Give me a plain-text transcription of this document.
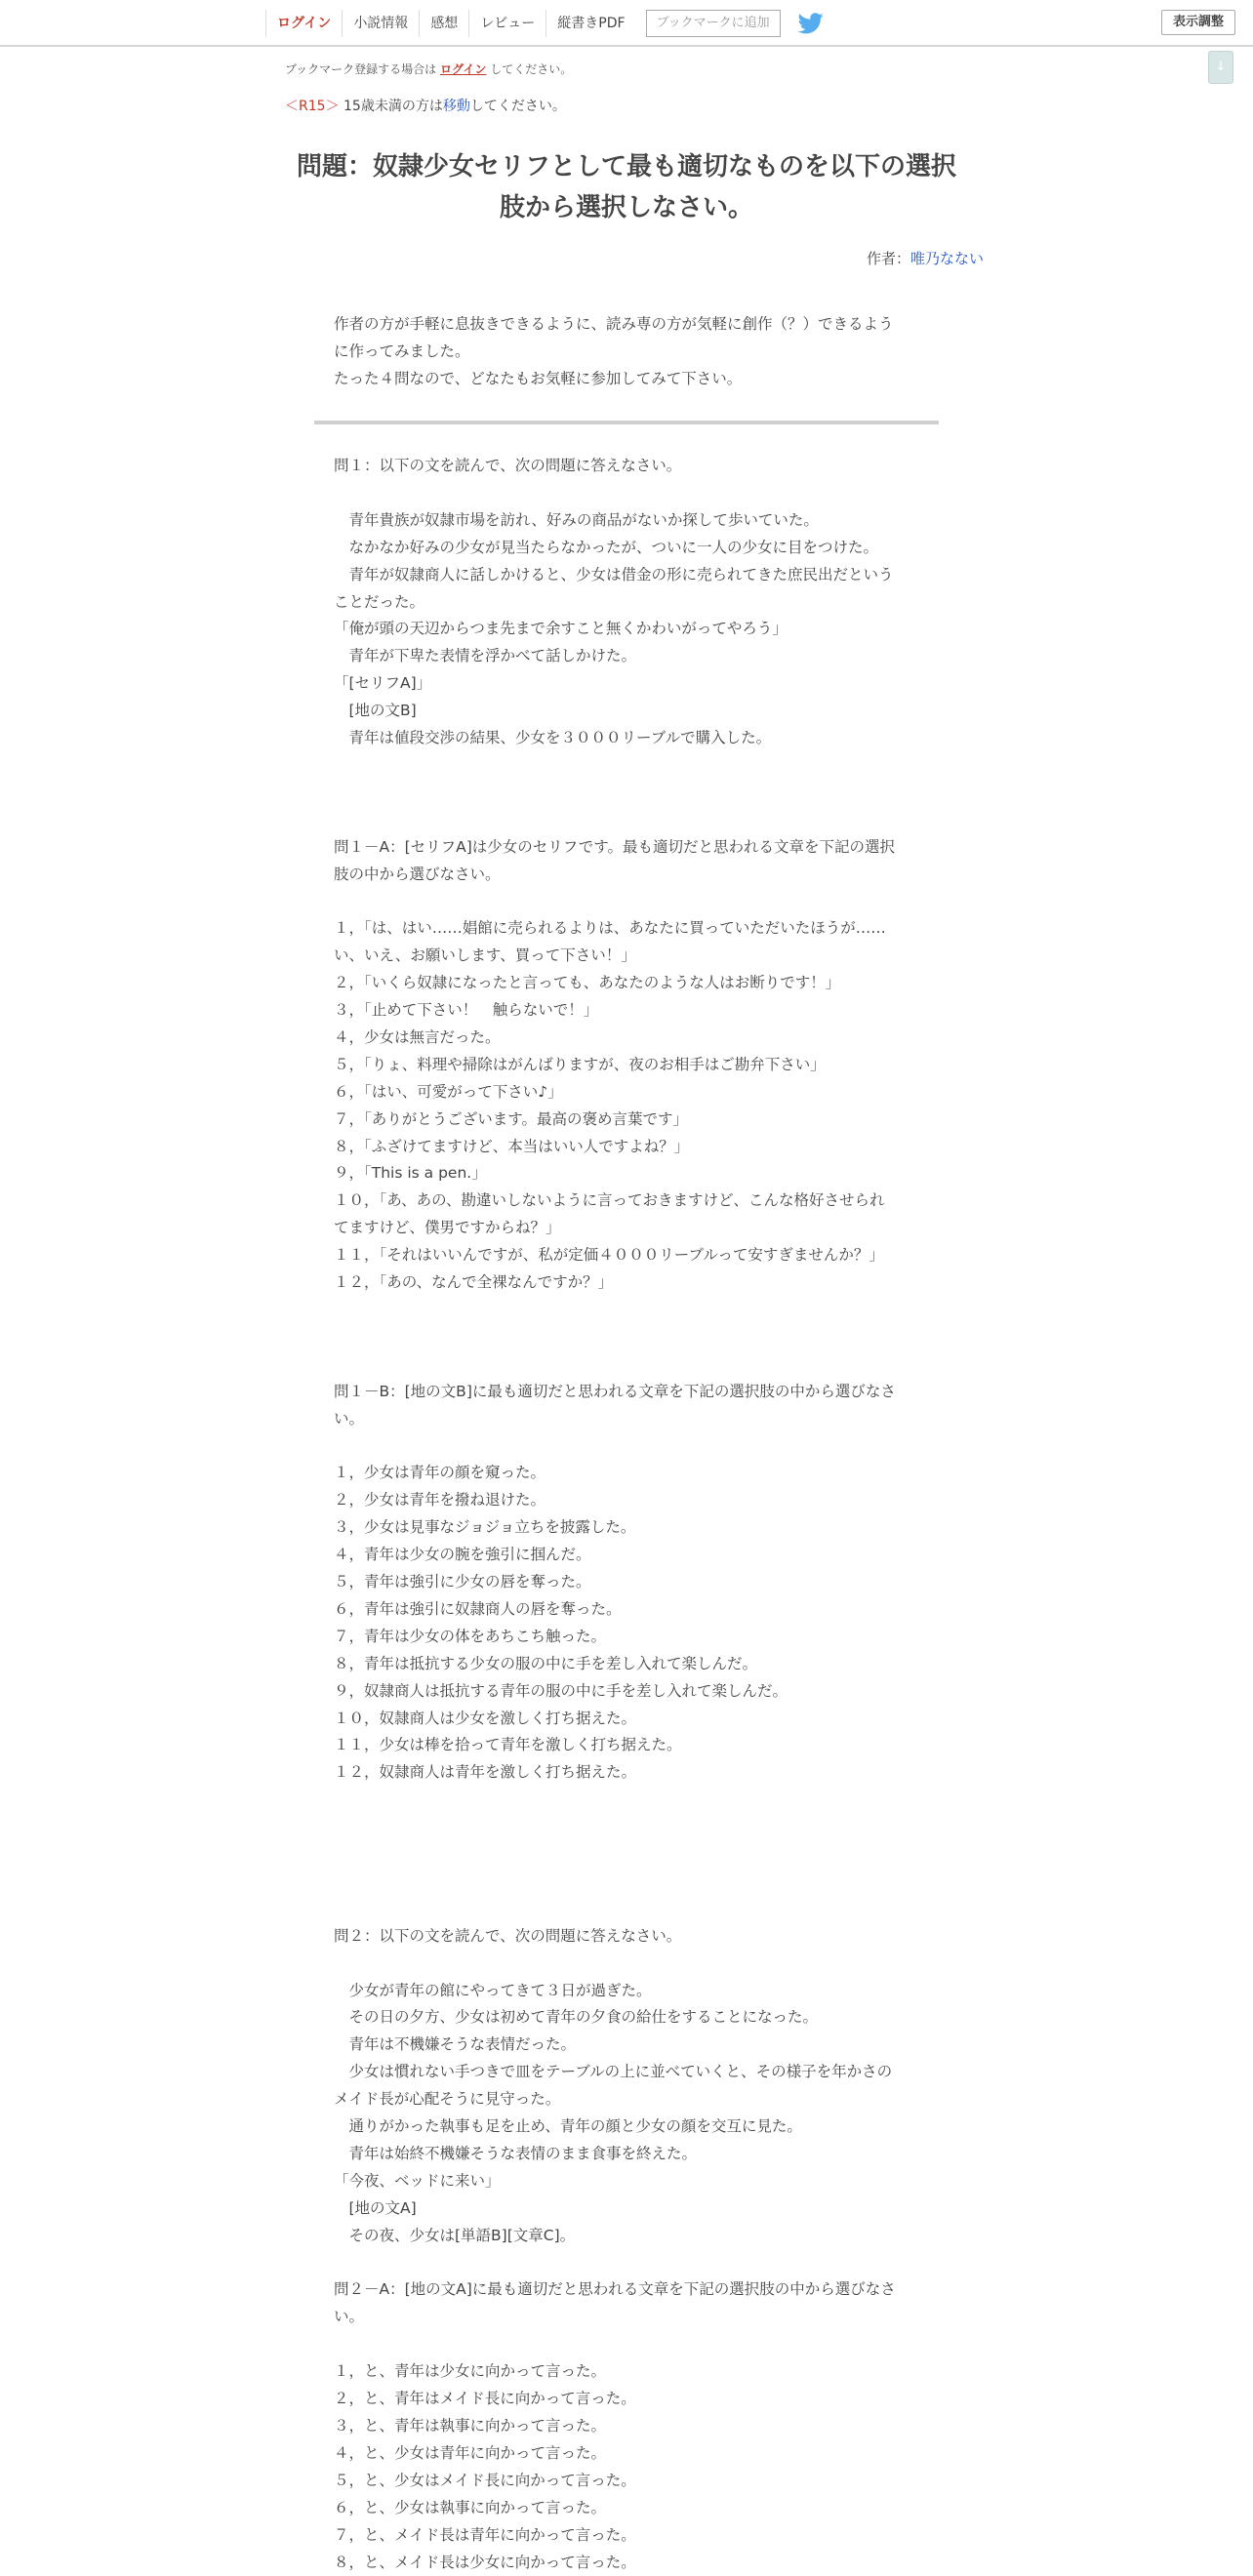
ログイン	小説情報	感想	レビュー	縦書きPDF	ブックマークに追加	表示調整
↓
ブックマーク登録する場合は ログイン してください。
＜R15＞ 15歳未満の方は移動してください。
問題：奴隷少女セリフとして最も適切なものを以下の選択
肢から選択しなさい。
作者：唯乃なない
作者の方が手軽に息抜きできるように、読み専の方が気軽に創作（？）できるよう
に作ってみました。
たった４問なので、どなたもお気軽に参加してみて下さい。
問１：以下の文を読んで、次の問題に答えなさい。
　青年貴族が奴隷市場を訪れ、好みの商品がないか探して歩いていた。
　なかなか好みの少女が見当たらなかったが、ついに一人の少女に目をつけた。
　青年が奴隷商人に話しかけると、少女は借金の形に売られてきた庶民出だという
ことだった。
「俺が頭の天辺からつま先まで余すこと無くかわいがってやろう」
　青年が下卑た表情を浮かべて話しかけた。
「[セリフA]」
　[地の文B]
　青年は値段交渉の結果、少女を３０００リーブルで購入した。
問１－A：[セリフA]は少女のセリフです。最も適切だと思われる文章を下記の選択
肢の中から選びなさい。
１，「は、はい……娼館に売られるよりは、あなたに買っていただいたほうが……
い、いえ、お願いします、買って下さい！」
２，「いくら奴隷になったと言っても、あなたのような人はお断りです！」
３，「止めて下さい！　触らないで！」
４，少女は無言だった。
５，「りょ、料理や掃除はがんばりますが、夜のお相手はご勘弁下さい」
６，「はい、可愛がって下さい♪」
７，「ありがとうございます。最高の褒め言葉です」
８，「ふざけてますけど、本当はいい人ですよね？」
９，「This is a pen.」
１０，「あ、あの、勘違いしないように言っておきますけど、こんな格好させられ
てますけど、僕男ですからね？」
１１，「それはいいんですが、私が定価４０００リーブルって安すぎませんか？」
１２，「あの、なんで全裸なんですか？」
問１－B：[地の文B]に最も適切だと思われる文章を下記の選択肢の中から選びなさ
い。
１，少女は青年の顔を窺った。
２，少女は青年を撥ね退けた。
３，少女は見事なジョジョ立ちを披露した。
４，青年は少女の腕を強引に掴んだ。
５，青年は強引に少女の唇を奪った。
６，青年は強引に奴隷商人の唇を奪った。
７，青年は少女の体をあちこち触った。
８，青年は抵抗する少女の服の中に手を差し入れて楽しんだ。
９，奴隷商人は抵抗する青年の服の中に手を差し入れて楽しんだ。
１０，奴隷商人は少女を激しく打ち据えた。
１１，少女は棒を拾って青年を激しく打ち据えた。
１２，奴隷商人は青年を激しく打ち据えた。
問２：以下の文を読んで、次の問題に答えなさい。
　少女が青年の館にやってきて３日が過ぎた。
　その日の夕方、少女は初めて青年の夕食の給仕をすることになった。
　青年は不機嫌そうな表情だった。
　少女は慣れない手つきで皿をテーブルの上に並べていくと、その様子を年かさの
メイド長が心配そうに見守った。
　通りがかった執事も足を止め、青年の顔と少女の顔を交互に見た。
　青年は始終不機嫌そうな表情のまま食事を終えた。
「今夜、ベッドに来い」
　[地の文A]
　その夜、少女は[単語B][文章C]。
問２－A：[地の文A]に最も適切だと思われる文章を下記の選択肢の中から選びなさ
い。
１，と、青年は少女に向かって言った。
２，と、青年はメイド長に向かって言った。
３，と、青年は執事に向かって言った。
４，と、少女は青年に向かって言った。
５，と、少女はメイド長に向かって言った。
６，と、少女は執事に向かって言った。
７，と、メイド長は青年に向かって言った。
８，と、メイド長は少女に向かって言った。
